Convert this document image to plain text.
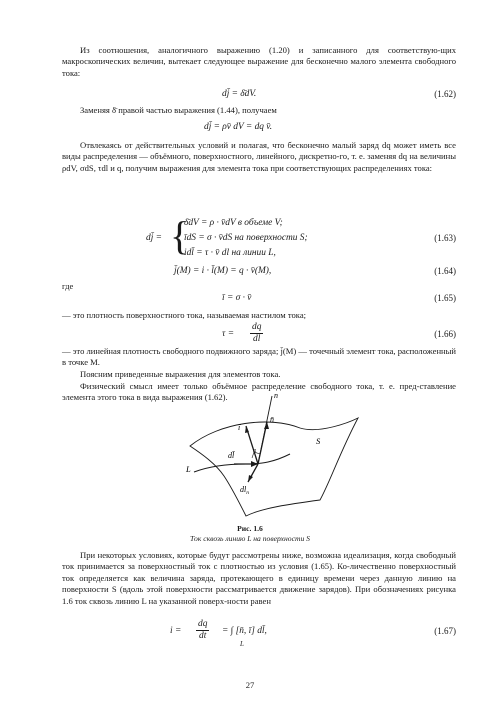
Из соотношения, аналогичного выражению (1.20) и записанного для соответствую-щих макроскопических величин, вытекает следующее выражение для бесконечно малого элемента свободного тока:
dj̄ = δ̄dV.	(1.62)
Заменяя δ̄ правой частью выражения (1.44), получаем
dj̄ = ρv̄ dV = dq v̄.
Отвлекаясь от действительных условий и полагая, что бесконечно малый заряд dq может иметь все виды распределения — объёмного, поверхностного, линейного, дискретно-го, т. е. заменяя dq на величины ρdV, σdS, τdl и q, получим выражения для элемента тока при соответствующих распределениях тока:
dj̄ = {
δ̄dV = ρ · v̄dV в объеме V;
īdS = σ · v̄dS на поверхности S;
idl̄ = τ · v̄ dl на линии L,
(1.63)
j̄(M) = i · l̄(M) = q · v̄(M),	(1.64)
где
ī = σ · v̄	(1.65)
— это плотность поверхностного тока, называемая настилом тока;
$\tau = \frac{dq}{dl}$	(1.66)
— это линейная плотность свободного подвижного заряда; j̄(M) — точечный элемент тока, расположенный в точке M.
Поясним приведенные выражения для элементов тока.
Физический смысл имеет только объёмное распределение свободного тока, т. е. пред-ставление элемента этого тока в вида выражения (1.62).	n
n̄
ī
dl̄	π
L
S
$dl_n$
Рис. 1.6
Ток сквозь линию L на поверхности S
При некоторых условиях, которые будут рассмотрены ниже, возможна идеализация, когда свободный ток принимается за поверхностный ток с плотностью из условия (1.65). Ко-личественно поверхностный ток определяется как величина заряда, протекающего в единицу времени через данную линию на поверхности S (вдоль этой поверхности рассматривается движение зарядов). При обозначениях рисунка 1.6 ток сквозь линию L на указанной поверх-ности равен
$i = \frac{dq}{dt}$ = ∫ [n̄, ī] dl̄,
L
(1.67)
27
